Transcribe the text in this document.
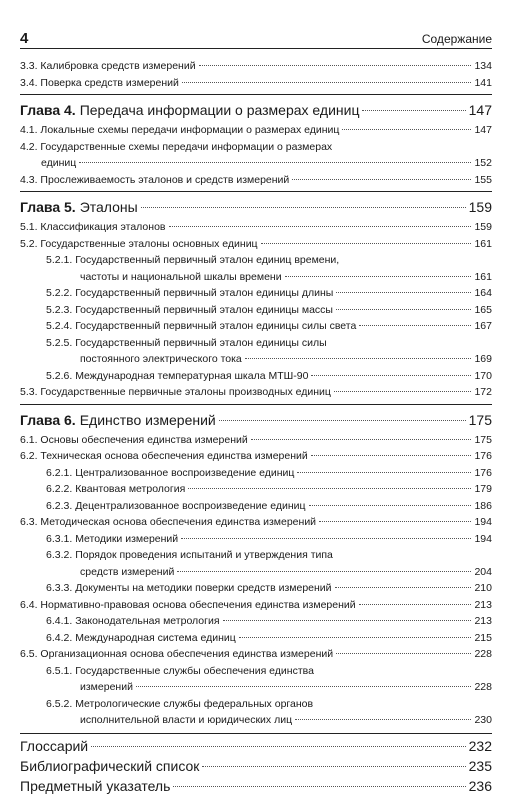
4	Содержание
3.3. Калибровка средств измерений	134
3.4. Поверка средств измерений	141
Глава 4. Передача информации о размерах единиц	147
4.1. Локальные схемы передачи информации о размерах единиц	147
4.2. Государственные схемы передачи информации о размерах
единиц	152
4.3. Прослеживаемость эталонов и средств измерений	155
Глава 5. Эталоны	159
5.1. Классификация эталонов	159
5.2. Государственные эталоны основных единиц	161
5.2.1. Государственный первичный эталон единиц времени,
частоты и национальной шкалы времени	161
5.2.2. Государственный первичный эталон единицы длины	164
5.2.3. Государственный первичный эталон единицы массы	165
5.2.4. Государственный первичный эталон единицы силы света	167
5.2.5. Государственный первичный эталон единицы силы
постоянного электрического тока	169
5.2.6. Международная температурная шкала МТШ-90	170
5.3. Государственные первичные эталоны производных единиц	172
Глава 6. Единство измерений	175
6.1. Основы обеспечения единства измерений	175
6.2. Техническая основа обеспечения единства измерений	176
6.2.1. Централизованное воспроизведение единиц	176
6.2.2. Квантовая метрология	179
6.2.3. Децентрализованное воспроизведение единиц	186
6.3. Методическая основа обеспечения единства измерений	194
6.3.1. Методики измерений	194
6.3.2. Порядок проведения испытаний и утверждения типа
средств измерений	204
6.3.3. Документы на методики поверки средств измерений	210
6.4. Нормативно-правовая основа обеспечения единства измерений	213
6.4.1. Законодательная метрология	213
6.4.2. Международная система единиц	215
6.5. Организационная основа обеспечения единства измерений	228
6.5.1. Государственные службы обеспечения единства
измерений	228
6.5.2. Метрологические службы федеральных органов
исполнительной власти и юридических лиц	230
Глоссарий	232
Библиографический список	235
Предметный указатель	236
